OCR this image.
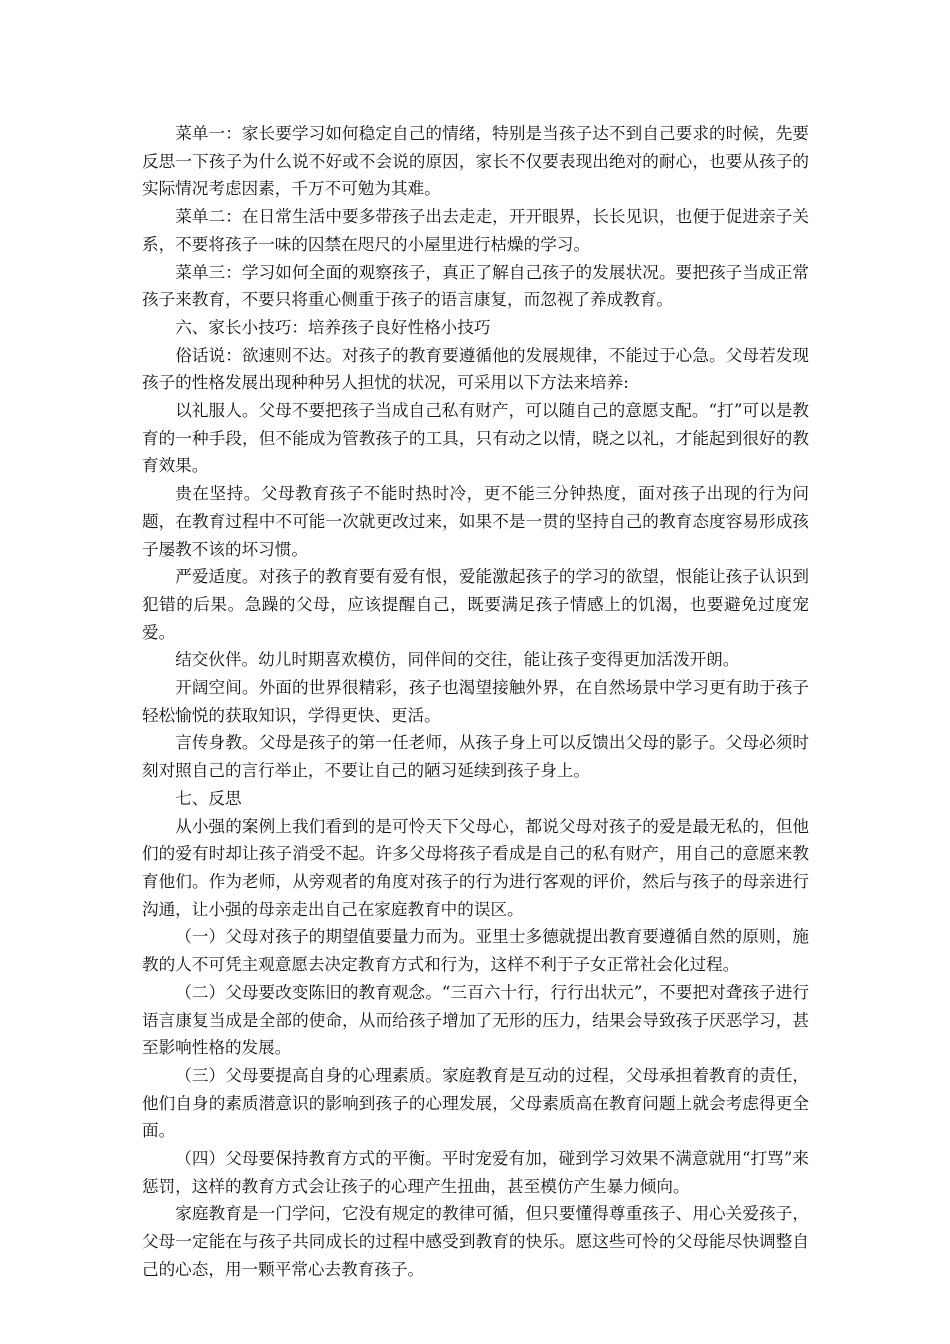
菜单一：家长要学习如何稳定自己的情绪，特别是当孩子达不到自己要求的时候，先要反思一下孩子为什么说不好或不会说的原因，家长不仅要表现出绝对的耐心，也要从孩子的实际情况考虑因素，千万不可勉为其难。

菜单二：在日常生活中要多带孩子出去走走，开开眼界，长长见识，也便于促进亲子关系，不要将孩子一味的囚禁在咫尺的小屋里进行枯燥的学习。

菜单三：学习如何全面的观察孩子，真正了解自己孩子的发展状况。要把孩子当成正常孩子来教育，不要只将重心侧重于孩子的语言康复，而忽视了养成教育。

六、家长小技巧：培养孩子良好性格小技巧

俗话说：欲速则不达。对孩子的教育要遵循他的发展规律，不能过于心急。父母若发现孩子的性格发展出现种种另人担忧的状况，可采用以下方法来培养:

以礼服人。父母不要把孩子当成自己私有财产，可以随自己的意愿支配。“打”可以是教育的一种手段，但不能成为管教孩子的工具，只有动之以情，晓之以礼，才能起到很好的教育效果。

贵在坚持。父母教育孩子不能时热时冷，更不能三分钟热度，面对孩子出现的行为问题，在教育过程中不可能一次就更改过来，如果不是一贯的坚持自己的教育态度容易形成孩子屡教不该的坏习惯。

严爱适度。对孩子的教育要有爱有恨，爱能激起孩子的学习的欲望，恨能让孩子认识到犯错的后果。急躁的父母，应该提醒自己，既要满足孩子情感上的饥渴，也要避免过度宠爱。

结交伙伴。幼儿时期喜欢模仿，同伴间的交往，能让孩子变得更加活泼开朗。

开阔空间。外面的世界很精彩，孩子也渴望接触外界，在自然场景中学习更有助于孩子轻松愉悦的获取知识，学得更快、更活。

言传身教。父母是孩子的第一任老师，从孩子身上可以反馈出父母的影子。父母必须时刻对照自己的言行举止，不要让自己的陋习延续到孩子身上。

七、反思

从小强的案例上我们看到的是可怜天下父母心，都说父母对孩子的爱是最无私的，但他们的爱有时却让孩子消受不起。许多父母将孩子看成是自己的私有财产，用自己的意愿来教育他们。作为老师，从旁观者的角度对孩子的行为进行客观的评价，然后与孩子的母亲进行沟通，让小强的母亲走出自己在家庭教育中的误区。

（一）父母对孩子的期望值要量力而为。亚里士多德就提出教育要遵循自然的原则，施教的人不可凭主观意愿去决定教育方式和行为，这样不利于子女正常社会化过程。

（二）父母要改变陈旧的教育观念。“三百六十行，行行出状元”，不要把对聋孩子进行语言康复当成是全部的使命，从而给孩子增加了无形的压力，结果会导致孩子厌恶学习，甚至影响性格的发展。

（三）父母要提高自身的心理素质。家庭教育是互动的过程，父母承担着教育的责任，他们自身的素质潜意识的影响到孩子的心理发展，父母素质高在教育问题上就会考虑得更全面。

（四）父母要保持教育方式的平衡。平时宠爱有加，碰到学习效果不满意就用“打骂”来惩罚，这样的教育方式会让孩子的心理产生扭曲，甚至模仿产生暴力倾向。

家庭教育是一门学问，它没有规定的教律可循，但只要懂得尊重孩子、用心关爱孩子，父母一定能在与孩子共同成长的过程中感受到教育的快乐。愿这些可怜的父母能尽快调整自己的心态，用一颗平常心去教育孩子。
